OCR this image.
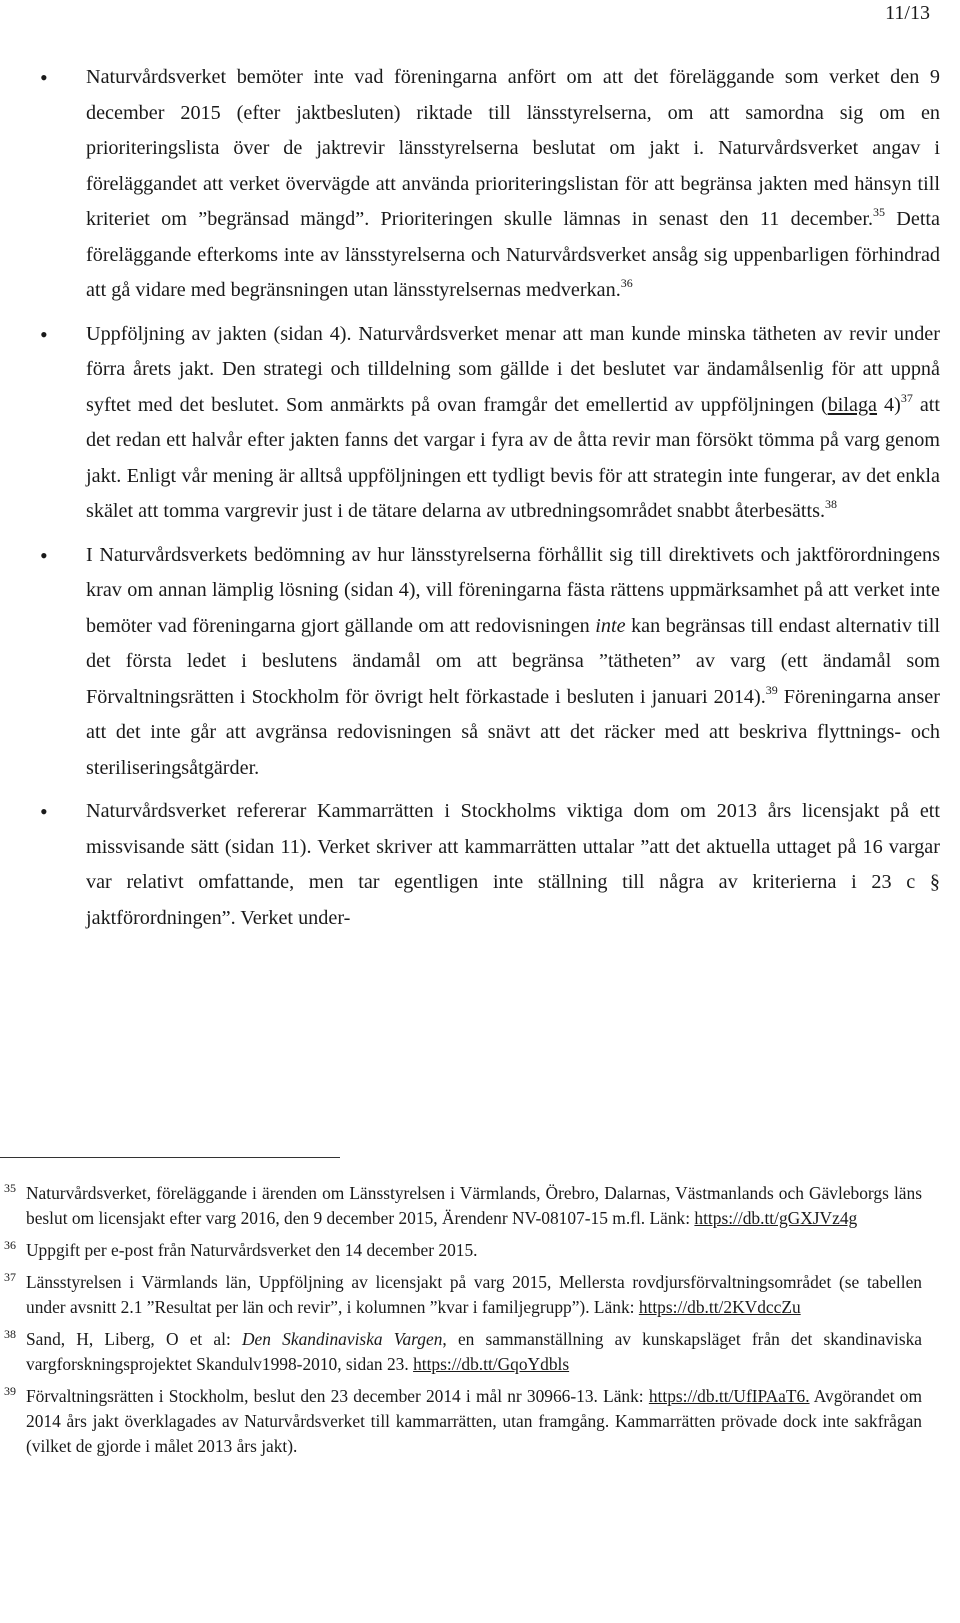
11/13
• Naturvårdsverket bemöter inte vad föreningarna anfört om att det föreläggande som verket den 9 december 2015 (efter jaktbesluten) riktade till länsstyrelserna, om att samordna sig om en prioriteringslista över de jaktrevir länsstyrelserna beslutat om jakt i. Naturvårdsverket angav i föreläggandet att verket övervägde att använda prioriteringslistan för att begränsa jakten med hänsyn till kriteriet om ”begränsad mängd”. Prioriteringen skulle lämnas in senast den 11 december.$^{35}$ Detta föreläggande efterkoms inte av länsstyrelserna och Naturvårdsverket ansåg sig uppenbarligen förhindrad att gå vidare med begränsningen utan länsstyrelsernas medverkan.$^{36}$
• Uppföljning av jakten (sidan 4). Naturvårdsverket menar att man kunde minska tätheten av revir under förra årets jakt. Den strategi och tilldelning som gällde i det beslutet var ändamålsenlig för att uppnå syftet med det beslutet. Som anmärkts på ovan framgår det emellertid av uppföljningen (bilaga 4)$^{37}$ att det redan ett halvår efter jakten fanns det vargar i fyra av de åtta revir man försökt tömma på varg genom jakt. Enligt vår mening är alltså uppföljningen ett tydligt bevis för att strategin inte fungerar, av det enkla skälet att tomma vargrevir just i de tätare delarna av utbredningsområdet snabbt återbesätts.$^{38}$
• I Naturvårdsverkets bedömning av hur länsstyrelserna förhållit sig till direktivets och jaktförordningens krav om annan lämplig lösning (sidan 4), vill föreningarna fästa rättens uppmärksamhet på att verket inte bemöter vad föreningarna gjort gällande om att redovisningen inte kan begränsas till endast alternativ till det första ledet i beslutens ändamål om att begränsa ”tätheten” av varg (ett ändamål som Förvaltningsrätten i Stockholm för övrigt helt förkastade i besluten i januari 2014).$^{39}$ Föreningarna anser att det inte går att avgränsa redovisningen så snävt att det räcker med att beskriva flyttnings- och steriliseringsåtgärder.
• Naturvårdsverket refererar Kammarrätten i Stockholms viktiga dom om 2013 års licensjakt på ett missvisande sätt (sidan 11). Verket skriver att kammarrätten uttalar ”att det aktuella uttaget på 16 vargar var relativt omfattande, men tar egentligen inte ställning till några av kriterierna i 23 c § jaktförordningen”. Verket under-
35 Naturvårdsverket, föreläggande i ärenden om Länsstyrelsen i Värmlands, Örebro, Dalarnas, Västmanlands och Gävleborgs läns beslut om licensjakt efter varg 2016, den 9 december 2015, Ärendenr NV-08107-15 m.fl. Länk: https://db.tt/gGXJVz4g
36 Uppgift per e-post från Naturvårdsverket den 14 december 2015.
37 Länsstyrelsen i Värmlands län, Uppföljning av licensjakt på varg 2015, Mellersta rovdjursförvaltningsområdet (se tabellen under avsnitt 2.1 ”Resultat per län och revir”, i kolumnen ”kvar i familjegrupp”). Länk: https://db.tt/2KVdccZu
38 Sand, H, Liberg, O et al: Den Skandinaviska Vargen, en sammanställning av kunskapsläget från det skandinaviska vargforskningsprojektet Skandulv1998-2010, sidan 23. https://db.tt/GqoYdbls
39 Förvaltningsrätten i Stockholm, beslut den 23 december 2014 i mål nr 30966-13. Länk: https://db.tt/UfIPAaT6. Avgörandet om 2014 års jakt överklagades av Naturvårdsverket till kammarrätten, utan framgång. Kammarrätten prövade dock inte sakfrågan (vilket de gjorde i målet 2013 års jakt).
